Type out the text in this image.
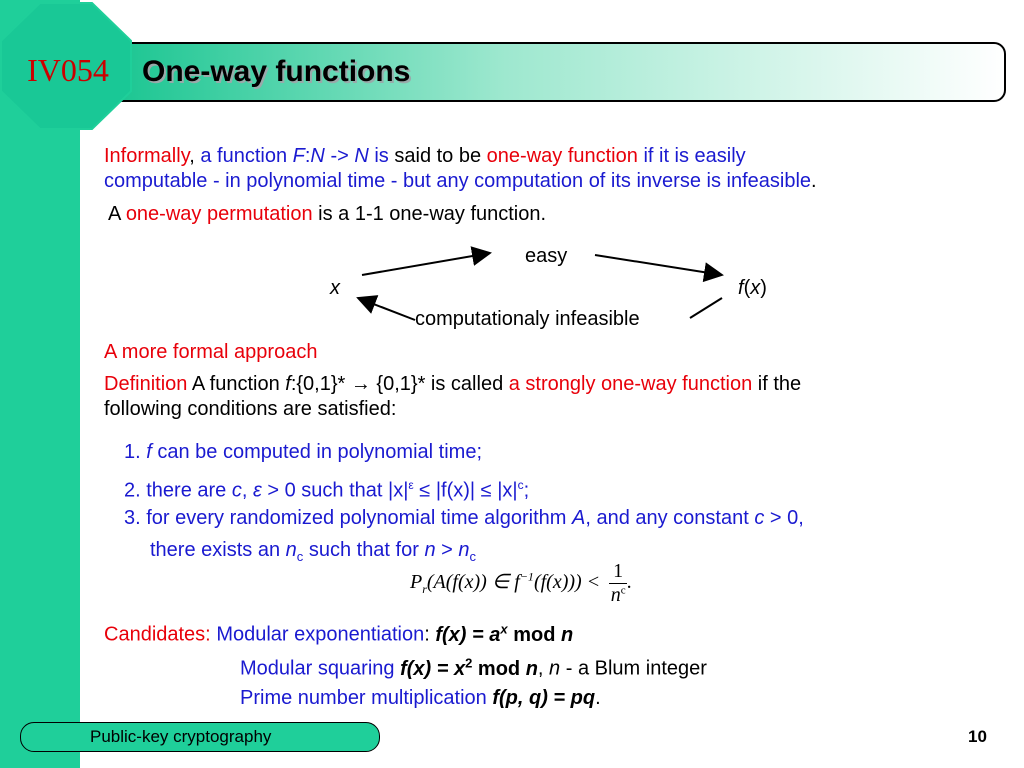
IV054	One-way functions
Informally, a function F:N -> N is said to be one-way function if it is easily
computable - in polynomial time - but any computation of its inverse is infeasible.
A one-way permutation is a 1-1 one-way function.
easy
x	f(x)
computationaly infeasible
A more formal approach
Definition A function f:{0,1}* → {0,1}* is called a strongly one-way function if the
following conditions are satisfied:
1. f can be computed in polynomial time;
2. there are c, ε > 0 such that $|x|^\varepsilon \le |f(x)| \le |x|^c$;
3. for every randomized polynomial time algorithm A, and any constant c > 0,
there exists an $n_c$ such that for $n > n_c$
$P_r(A(f(x))$ ∈ $f^{-1}(f(x))) < \frac{1}{n^c}$ .
Candidates: Modular exponentiation: $f(x) = a^x$ mod n
Modular squaring $f(x) = x^2$ mod n, n - a Blum integer
Prime number multiplication f(p, q) = pq.
Public-key cryptography	10
